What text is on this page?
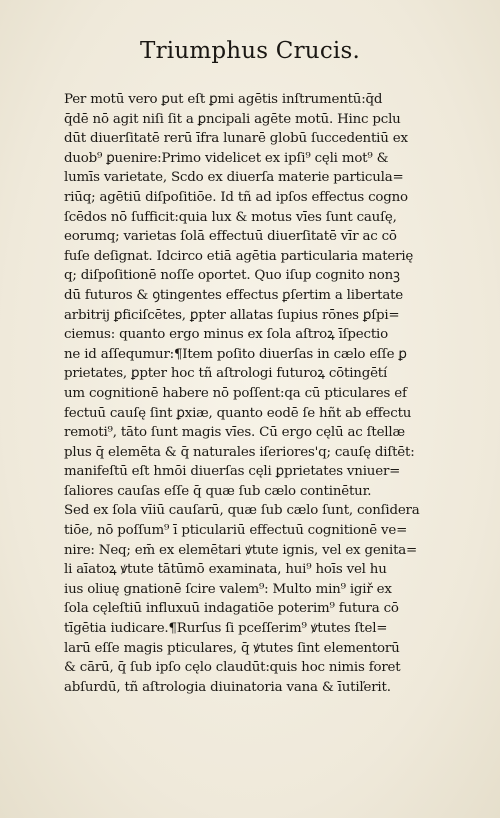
Triumphus Crucis.
Per motū vero ꝑut eſt ꝑmi agētis inſtrumentū:q̄d
q̄dē nō agit niſi ſit a ꝑncipali agēte motū. Hinc pclu
dūt diuerſitatē rerū īfra lunarē globū ſuccedentiū ex
duob⁹ ꝑuenire:Primo videlicet ex ipſi⁹ cęli mot⁹ &
lumīs varietate, Scdo ex diuerſa materie particula=
riūq; agētiū diſpoſitiōe. Id tñ ad ipſos effectus cogno
ſcēdos nō ſufficit:quia lux & motus vīes ſunt cauſę,
eorumq; varietas ſolā effectuū diuerſitatē vīr ac cō
fuſe deſignat. Idcirco etiā agētia particularia materię
q; diſpoſitionē noſſe oportet. Quo iſup cognito nonꝫ
dū futuros & ꝯtingentes effectus ꝑſertim a libertate
arbitrij ꝑficiſcētes, ꝑpter allatas ſupius rōnes ꝑſpi=
ciemus: quanto ergo minus ex ſola aſtroꝝ īſpectio
ne id aſſequmur:¶Item poſito diuerſas in cælo eſſe ꝑ
prietates, ꝑpter hoc tñ aſtrologi futuroꝝ cōtingētí
um cognitionē habere nō poſſent:qa cū pticulares ef
fectuū cauſę ſint ꝑxiæ, quanto eodē ſe hñt ab effectu
remoti⁹, tāto ſunt magis vīes. Cū ergo cęlū ac ſtellæ
plus q̄ elemēta & q̄ naturales iſeriores'q; cauſę diſtēt:
manifeſtū eſt hmōi diuerſas cęli ꝑprietates vniuer=
ſaliores cauſas eſſe q̄ quæ ſub cælo continētur.
Sed ex ſola vīiū cauſarū, quæ ſub cælo ſunt, conſidera
tiōe, nō poſſum⁹ ī pticulariū effectuū cognitionē ve=
nire: Neq; em̄ ex elemētari ꝟtute ignis, vel ex genita=
li aīatoꝝ ꝟtute tātūmō examinata, hui⁹ hoīs vel hu
ius oliuę gnationē ſcire valem⁹: Multo min⁹ igiř ex
ſola cęleſtiū influxuū indagatiōe poterim⁹ futura cō
tīgētia iudicare.¶Rurſus ſi pceſſerim⁹ ꝟtutes ſtel=
larū eſſe magis pticulares, q̄ ꝟtutes ſint elementorū
& cārū, q̄ ſub ipſo cęlo claudūt:quis hoc nimis foret
abſurdū, tñ aſtrologia diuinatoria vana & īutiľerit.
